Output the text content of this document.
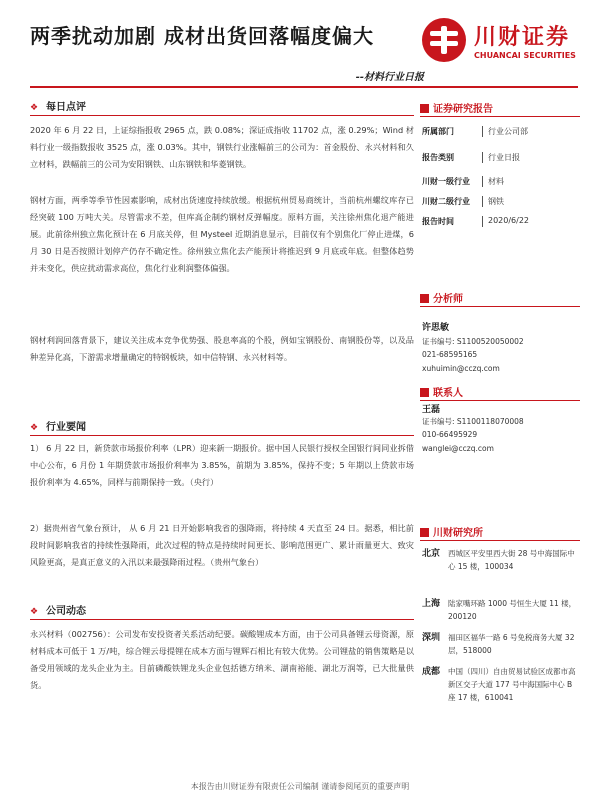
两季扰动加剧 成材出货回落幅度偏大
--材料行业日报
川财证券
CHUANCAI SECURITIES
❖ 每日点评
2020 年 6 月 22 日，上证综指报收 2965 点，跌 0.08%；深证成指收 11702 点，涨 0.29%；Wind 材料行业一级指数报收 3525 点，涨 0.03%。其中，钢铁行业涨幅前三的公司为：首金股份、永兴材料和久立材料，跌幅前三的公司为安阳钢铁、山东钢铁和华菱钢铁。
钢材方面，两季等季节性因素影响，成材出货速度持续放缓。根据杭州贸易商统计，当前杭州螺纹库存已经突破 100 万吨大关。尽管需求不差，但库高企制约钢材反弹幅度。原料方面，关注徐州焦化退产能进展。此前徐州独立焦化预计在 6 月底关停，但 Mysteel 近期消息显示，目前仅有个别焦化厂停止进煤，6 月 30 日是否按照计划停产仍存不确定性。徐州独立焦化去产能预计将推迟到 9 月底或年底。但整体趋势并未变化，供应扰动需求高位，焦化行业利润整体偏强。
钢材利润回落背景下，建议关注成本竞争优势强、股息率高的个股，例如宝钢股份、南钢股份等，以及品种差异化高，下游需求增量确定的特钢板块，如中信特钢、永兴材料等。
❖ 行业要闻
1） 6 月 22 日，新贷款市场报价利率（LPR）迎来新一期报价。据中国人民银行授权全国银行间同业拆借中心公布，6 月份 1 年期贷款市场报价利率为 3.85%，前期为 3.85%，保持不变；5 年期以上贷款市场报价利率为 4.65%，同样与前期保持一致。（央行）
2）据贵州省气象台预计， 从 6 月 21 日开始影响我省的强降雨，将持续 4 天直至 24 日。据悉，相比前段时间影响我省的持续性强降雨，此次过程的特点是持续时间更长、影响范围更广、累计雨量更大、致灾风险更高，是真正意义的入汛以来最强降雨过程。（贵州气象台）
❖ 公司动态
永兴材料（002756）：公司发布安投资者关系活动纪要。碳酸锂成本方面，由于公司具备锂云母资源，原材料成本可低于 1 万/吨，综合锂云母提锂在成本方面与锂辉石相比有较大优势。公司锂盐的销售策略是以备受用领域的龙头企业为主。目前磷酸铁锂龙头企业包括德方纳米、湖南裕能、湖北万润等，已大批量供货。
证券研究报告
所属部门	行业公司部
报告类别	行业日报
川财一级行业 材料
川财二级行业 钢铁
报告时间	2020/6/22
分析师
许思敏
证书编号: S1100520050002
021-68595165
xuhuimin@cczq.com
联系人
王磊
证书编号: S1100118070008
010-66495929
wanglei@cczq.com
川财研究所
北京 西城区平安里西大街 28 号中海国际中心 15 楼，100034
上海 陆家嘴环路 1000 号恒生大厦 11 楼，200120
深圳 福田区福华一路 6 号免税商务大厦 32 层，518000
成都 中国（四川）自由贸易试验区成都市高新区交子大道 177 号中海国际中心 B 座 17 楼，610041
本报告由川财证券有限责任公司编制 谨请参阅尾页的重要声明
